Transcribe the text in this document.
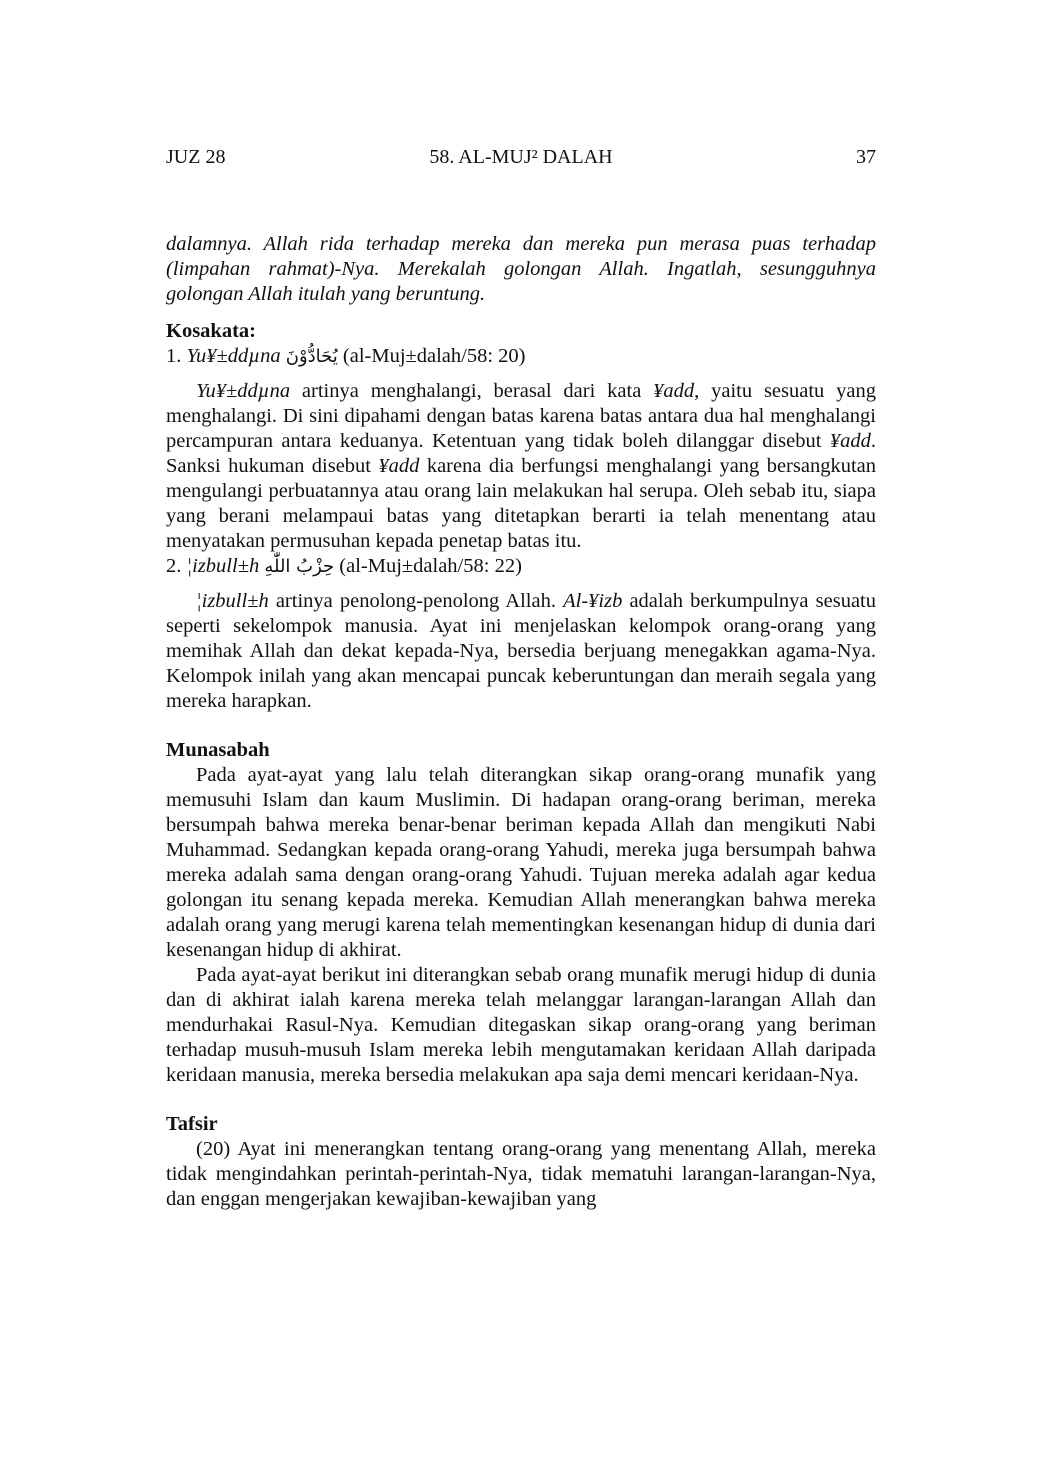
JUZ 28	58. AL-MUJ² DALAH	37

dalamnya. Allah rida terhadap mereka dan mereka pun merasa puas terhadap (limpahan rahmat)-Nya. Merekalah golongan Allah. Ingatlah, sesungguhnya golongan Allah itulah yang beruntung.

Kosakata:

1. Yu¥±ddµna يُحَادُّوْنَ (al-Muj±dalah/58: 20)

Yu¥±ddµna artinya menghalangi, berasal dari kata ¥add, yaitu sesuatu yang menghalangi. Di sini dipahami dengan batas karena batas antara dua hal menghalangi percampuran antara keduanya. Ketentuan yang tidak boleh dilanggar disebut ¥add. Sanksi hukuman disebut ¥add karena dia berfungsi menghalangi yang bersangkutan mengulangi perbuatannya atau orang lain melakukan hal serupa. Oleh sebab itu, siapa yang berani melampaui batas yang ditetapkan berarti ia telah menentang atau menyatakan permusuhan kepada penetap batas itu.

2. ¦izbull±h حِزْبُ اللّٰهِ (al-Muj±dalah/58: 22)

¦izbull±h artinya penolong-penolong Allah. Al-¥izb adalah berkumpulnya sesuatu seperti sekelompok manusia. Ayat ini menjelaskan kelompok orang-orang yang memihak Allah dan dekat kepada-Nya, bersedia berjuang menegakkan agama-Nya. Kelompok inilah yang akan mencapai puncak keberuntungan dan meraih segala yang mereka harapkan.

Munasabah

Pada ayat-ayat yang lalu telah diterangkan sikap orang-orang munafik yang memusuhi Islam dan kaum Muslimin. Di hadapan orang-orang beriman, mereka bersumpah bahwa mereka benar-benar beriman kepada Allah dan mengikuti Nabi Muhammad. Sedangkan kepada orang-orang Yahudi, mereka juga bersumpah bahwa mereka adalah sama dengan orang-orang Yahudi. Tujuan mereka adalah agar kedua golongan itu senang kepada mereka. Kemudian Allah menerangkan bahwa mereka adalah orang yang merugi karena telah mementingkan kesenangan hidup di dunia dari kesenangan hidup di akhirat.

Pada ayat-ayat berikut ini diterangkan sebab orang munafik merugi hidup di dunia dan di akhirat ialah karena mereka telah melanggar larangan-larangan Allah dan mendurhakai Rasul-Nya. Kemudian ditegaskan sikap orang-orang yang beriman terhadap musuh-musuh Islam mereka lebih mengutamakan keridaan Allah daripada keridaan manusia, mereka bersedia melakukan apa saja demi mencari keridaan-Nya.

Tafsir

(20) Ayat ini menerangkan tentang orang-orang yang menentang Allah, mereka tidak mengindahkan perintah-perintah-Nya, tidak mematuhi larangan-larangan-Nya, dan enggan mengerjakan kewajiban-kewajiban yang
